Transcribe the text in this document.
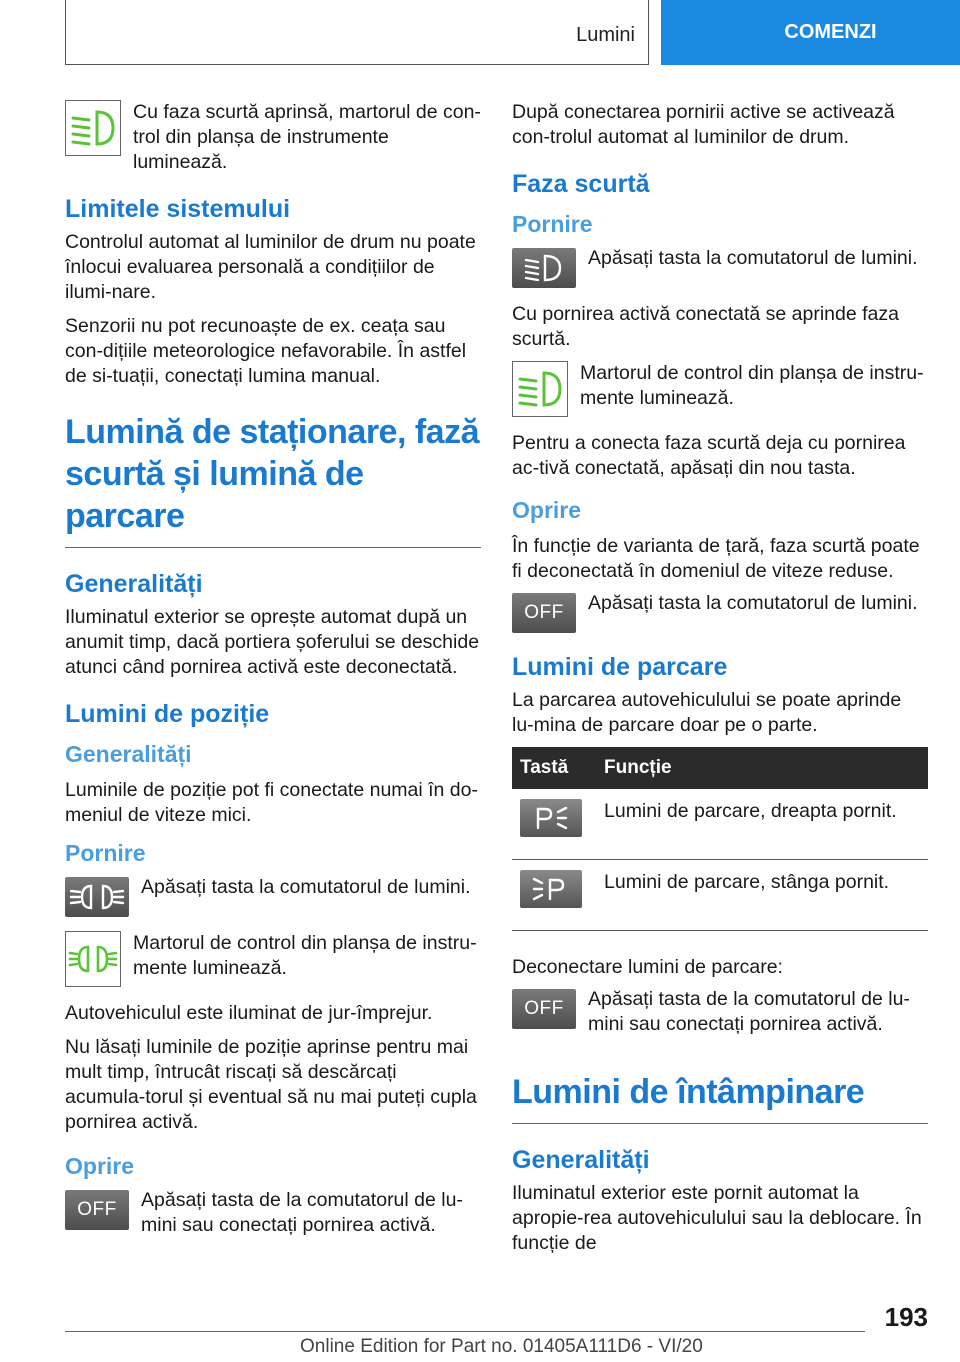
Lumini	COMENZI
Cu faza scurtă aprinsă, martorul de con-trol din planșa de instrumente luminează.
Limitele sistemului

Controlul automat al luminilor de drum nu poate înlocui evaluarea personală a condițiilor de ilumi-nare.

Senzorii nu pot recunoaște de ex. ceața sau con-dițiile meteorologice nefavorabile. În astfel de si-tuații, conectați lumina manual.

Lumină de staționare, fază scurtă și lumină de parcare
Generalități

Iluminatul exterior se oprește automat după un anumit timp, dacă portiera șoferului se deschide atunci când pornirea activă este deconectată.

Lumini de poziție
Generalități

Luminile de poziție pot fi conectate numai în do-meniul de viteze mici.

Pornire
Apăsați tasta la comutatorul de lumini.
Martorul de control din planșa de instru-mente luminează.

Autovehiculul este iluminat de jur-împrejur.

Nu lăsați luminile de poziție aprinse pentru mai mult timp, întrucât riscați să descărcați acumula-torul și eventual să nu mai puteți cupla pornirea activă.

Oprire
OFF	Apăsați tasta de la comutatorul de lu-mini sau conectați pornirea activă.

După conectarea pornirii active se activează con-trolul automat al luminilor de drum.

Faza scurtă
Pornire
Apăsați tasta la comutatorul de lumini.

Cu pornirea activă conectată se aprinde faza scurtă.

Martorul de control din planșa de instru-mente luminează.

Pentru a conecta faza scurtă deja cu pornirea ac-tivă conectată, apăsați din nou tasta.

Oprire

În funcție de varianta de țară, faza scurtă poate fi deconectată în domeniul de viteze reduse.

OFF	Apăsați tasta la comutatorul de lumini.
Lumini de parcare

La parcarea autovehiculului se poate aprinde lu-mina de parcare doar pe o parte.

Tastă	Funcție

	Lumini de parcare, dreapta pornit.

	Lumini de parcare, stânga pornit.

Deconectare lumini de parcare:

OFF	Apăsați tasta de la comutatorul de lu-mini sau conectați pornirea activă.
Lumini de întâmpinare
Generalități

Iluminatul exterior este pornit automat la apropie-rea autovehiculului sau la deblocare. În funcție de

193
Online Edition for Part no. 01405A111D6 - VI/20
